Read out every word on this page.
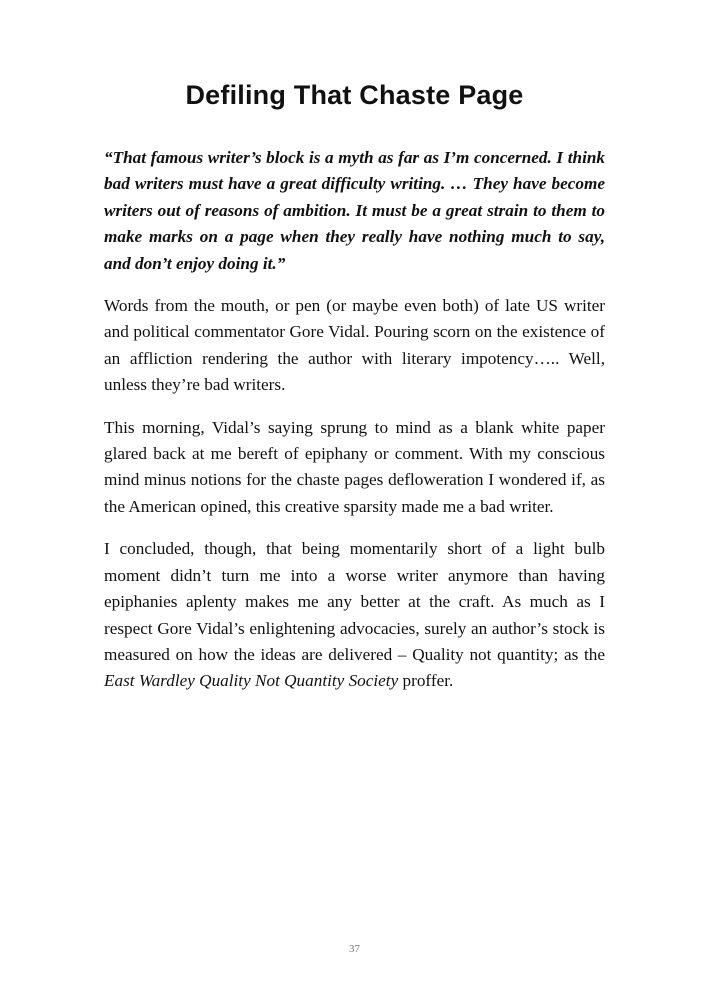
Defiling That Chaste Page

“That famous writer’s block is a myth as far as I’m concerned. I think bad writers must have a great difficulty writing. … They have become writers out of reasons of ambition. It must be a great strain to them to make marks on a page when they really have nothing much to say, and don’t enjoy doing it.”

Words from the mouth, or pen (or maybe even both) of late US writer and political commentator Gore Vidal. Pouring scorn on the existence of an affliction rendering the author with literary impotency….. Well, unless they’re bad writers.

This morning, Vidal’s saying sprung to mind as a blank white paper glared back at me bereft of epiphany or comment. With my conscious mind minus notions for the chaste pages defloweration I wondered if, as the American opined, this creative sparsity made me a bad writer.

I concluded, though, that being momentarily short of a light bulb moment didn’t turn me into a worse writer anymore than having epiphanies aplenty makes me any better at the craft. As much as I respect Gore Vidal’s enlightening advocacies, surely an author’s stock is measured on how the ideas are delivered – Quality not quantity; as the East Wardley Quality Not Quantity Society proffer.

37
